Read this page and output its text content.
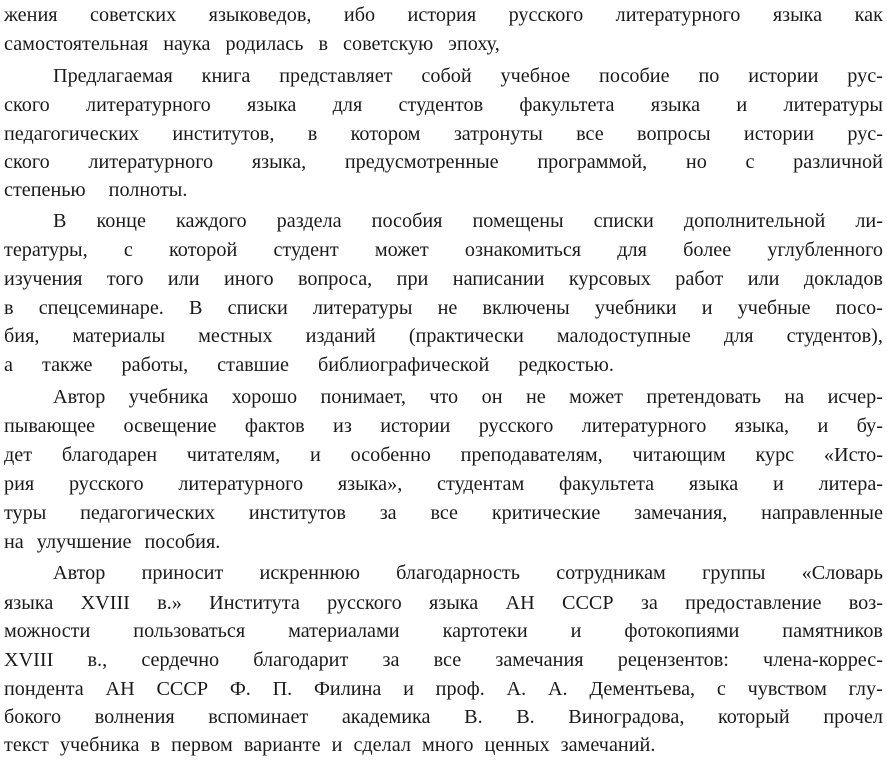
жения советских языковедов, ибо история русского литературного языка как
самостоятельная наука родилась в советскую эпоху,
Предлагаемая книга представляет собой учебное пособие по истории рус-
ского литературного языка для студентов факультета языка и литературы
педагогических институтов, в котором затронуты все вопросы истории рус-
ского литературного языка, предусмотренные программой, но с различной
степенью полноты.
В конце каждого раздела пособия помещены списки дополнительной ли-
тературы, с которой студент может ознакомиться для более углубленного
изучения того или иного вопроса, при написании курсовых работ или докладов
в спецсеминаре. В списки литературы не включены учебники и учебные посо-
бия, материалы местных изданий (практически малодоступные для студентов),
а также работы, ставшие библиографической редкостью.
Автор учебника хорошо понимает, что он не может претендовать на исчер-
пывающее освещение фактов из истории русского литературного языка, и бу-
дет благодарен читателям, и особенно преподавателям, читающим курс «Исто-
рия русского литературного языка», студентам факультета языка и литера-
туры педагогических институтов за все критические замечания, направленные
на улучшение пособия.
Автор приносит искреннюю благодарность сотрудникам группы «Словарь
языка XVIII в.» Института русского языка АН СССР за предоставление воз-
можности пользоваться материалами картотеки и фотокопиями памятников
XVIII в., сердечно благодарит за все замечания рецензентов: члена-коррес-
пондента АН СССР Ф. П. Филина и проф. А. А. Дементьева, с чувством глу-
бокого волнения вспоминает академика В. В. Виноградова, который прочел
текст учебника в первом варианте и сделал много ценных замечаний.
